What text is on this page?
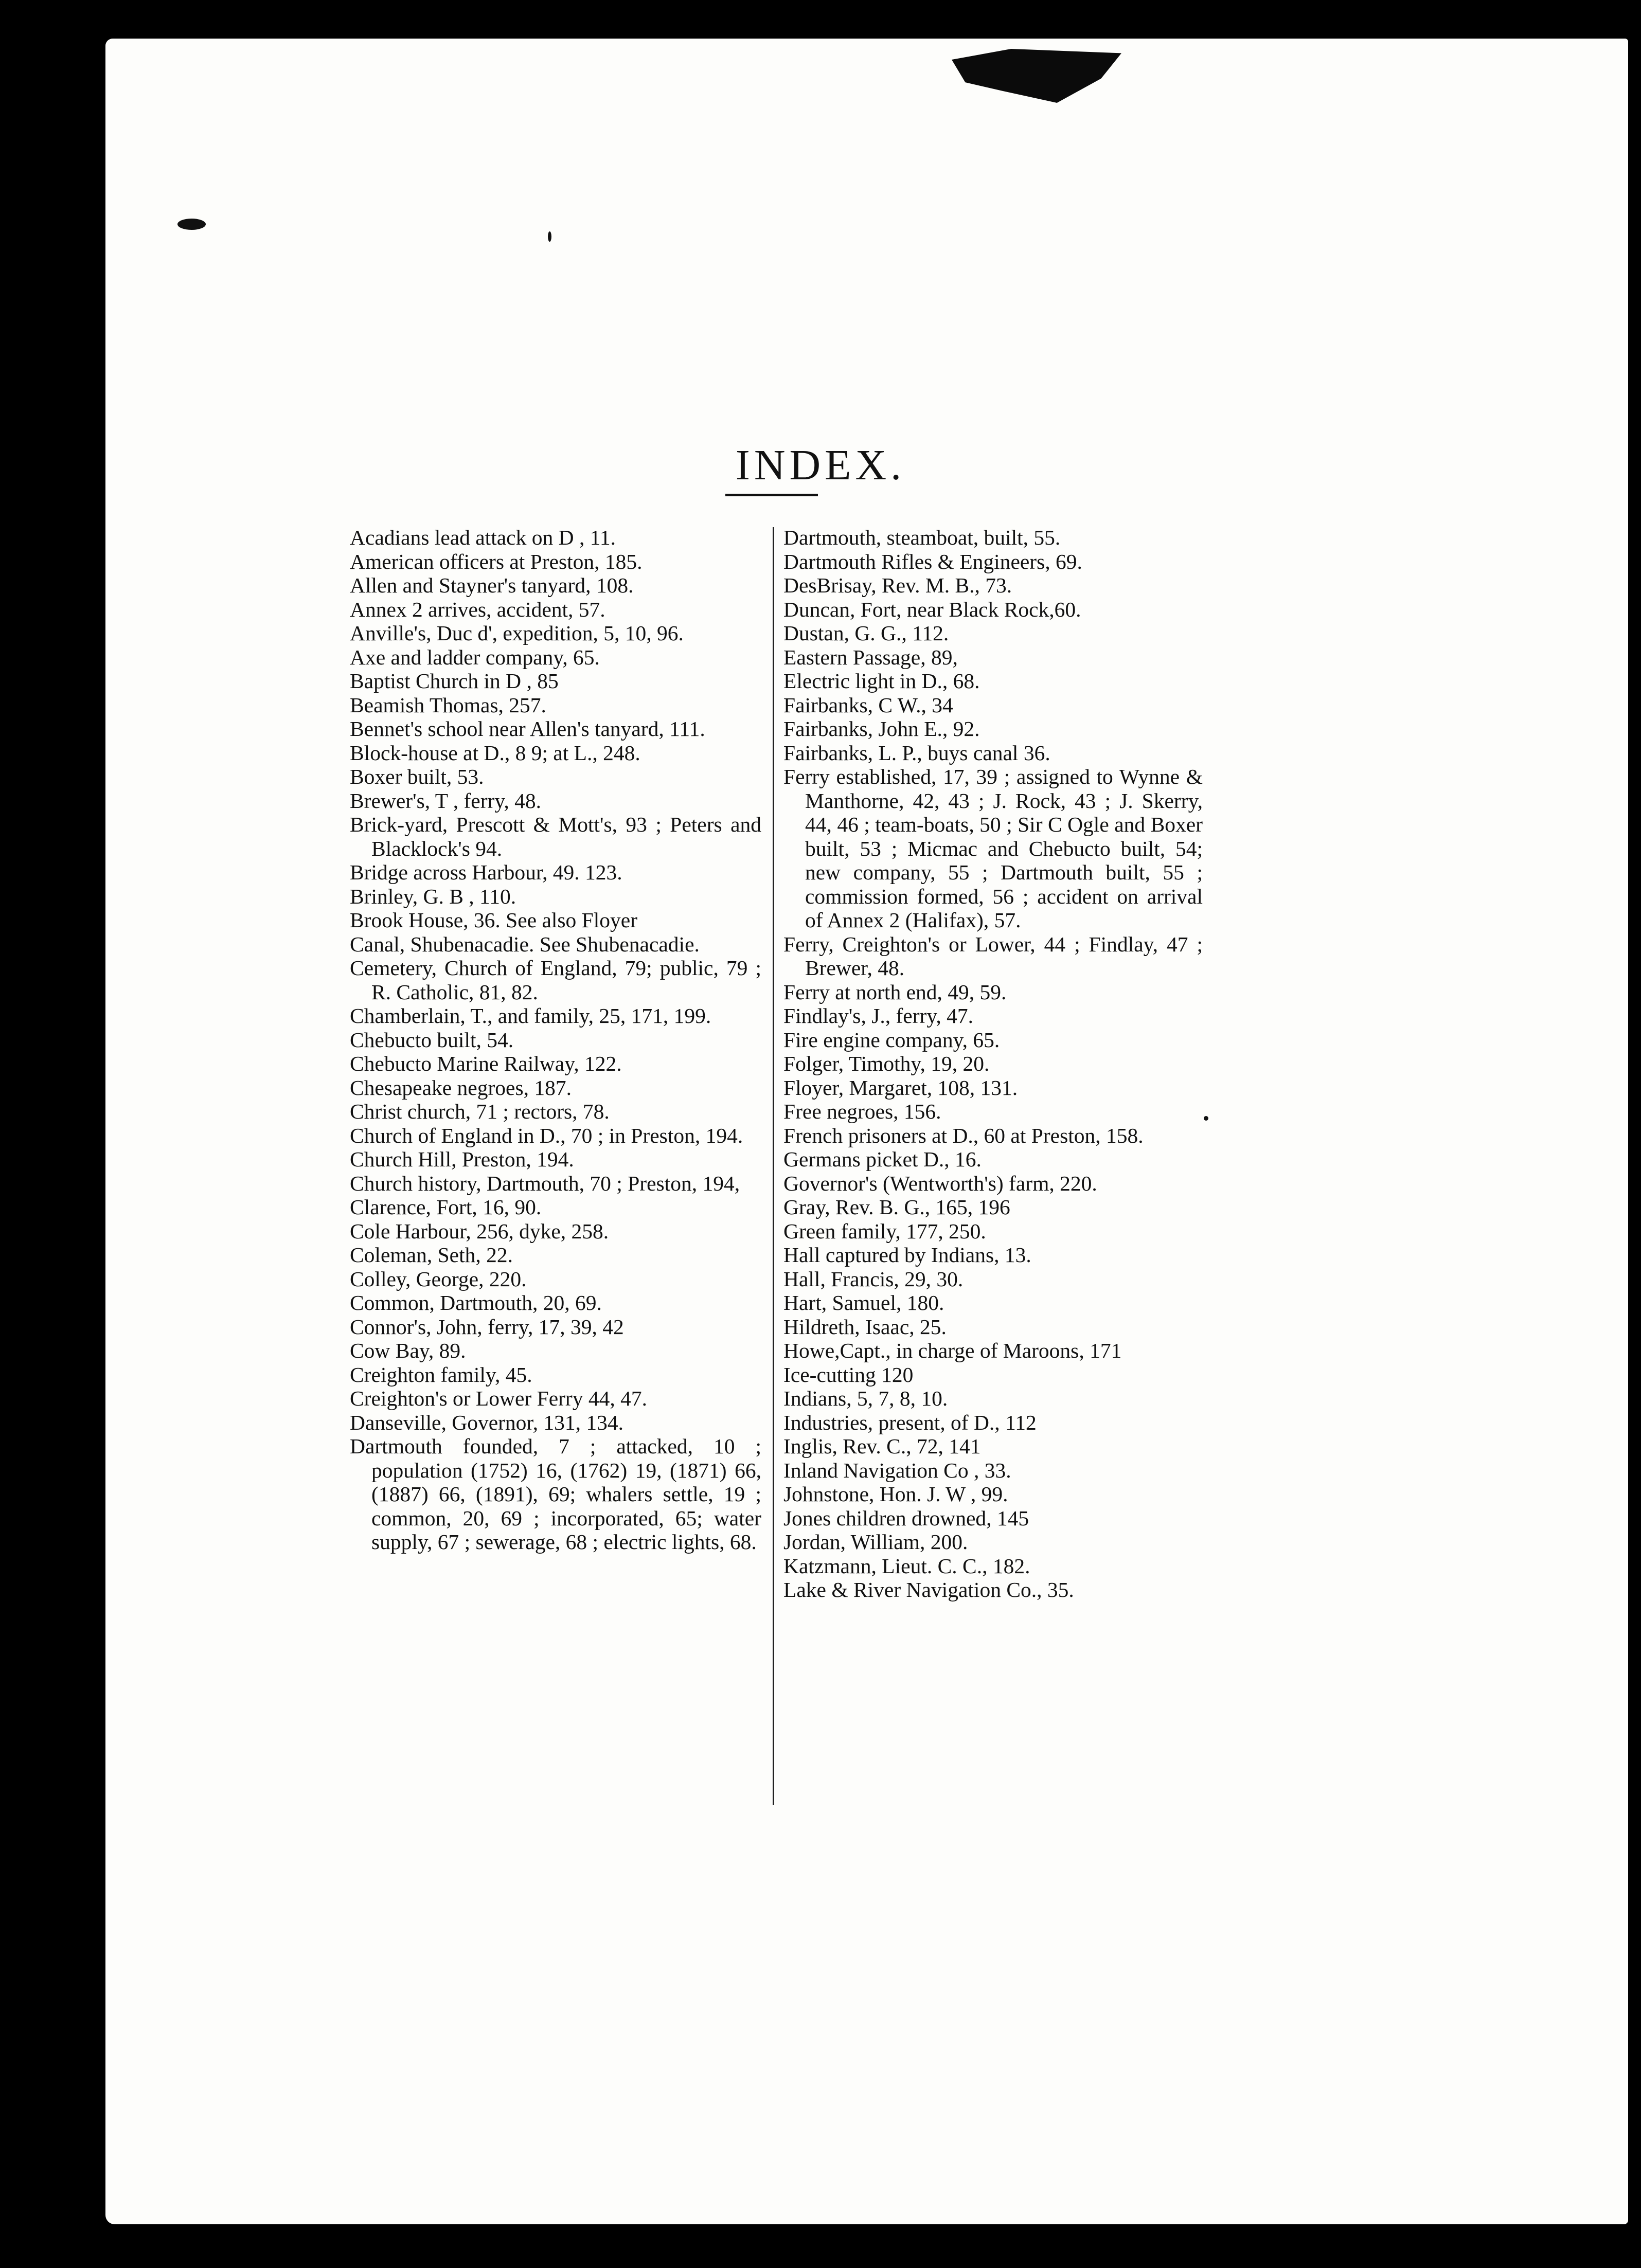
INDEX.

Acadians lead attack on D , 11.

American officers at Preston, 185.

Allen and Stayner's tanyard, 108.

Annex 2 arrives, accident, 57.

Anville's, Duc d', expedition, 5, 10, 96.

Axe and ladder company, 65.

Baptist Church in D , 85

Beamish Thomas, 257.

Bennet's school near Allen's tanyard, 111.

Block-house at D., 8 9; at L., 248.

Boxer built, 53.

Brewer's, T , ferry, 48.

Brick-yard, Prescott & Mott's, 93 ; Peters and Blacklock's 94.

Bridge across Harbour, 49. 123.

Brinley, G. B , 110.

Brook House, 36. See also Floyer

Canal, Shubenacadie. See Shubenacadie.

Cemetery, Church of England, 79; public, 79 ; R. Catholic, 81, 82.

Chamberlain, T., and family, 25, 171, 199.

Chebucto built, 54.

Chebucto Marine Railway, 122.

Chesapeake negroes, 187.

Christ church, 71 ; rectors, 78.

Church of England in D., 70 ; in Preston, 194.

Church Hill, Preston, 194.

Church history, Dartmouth, 70 ; Preston, 194,

Clarence, Fort, 16, 90.

Cole Harbour, 256, dyke, 258.

Coleman, Seth, 22.

Colley, George, 220.

Common, Dartmouth, 20, 69.

Connor's, John, ferry, 17, 39, 42

Cow Bay, 89.

Creighton family, 45.

Creighton's or Lower Ferry 44, 47.

Danseville, Governor, 131, 134.

Dartmouth founded, 7 ; attacked, 10 ; population (1752) 16, (1762) 19, (1871) 66, (1887) 66, (1891), 69; whalers settle, 19 ; common, 20, 69 ; incorporated, 65; water supply, 67 ; sewerage, 68 ; electric lights, 68.

Dartmouth, steamboat, built, 55.

Dartmouth Rifles & Engineers, 69.

DesBrisay, Rev. M. B., 73.

Duncan, Fort, near Black Rock,60.

Dustan, G. G., 112.

Eastern Passage, 89,

Electric light in D., 68.

Fairbanks, C W., 34

Fairbanks, John E., 92.

Fairbanks, L. P., buys canal 36.

Ferry established, 17, 39 ; assigned to Wynne & Manthorne, 42, 43 ; J. Rock, 43 ; J. Skerry, 44, 46 ; team-boats, 50 ; Sir C Ogle and Boxer built, 53 ; Micmac and Chebucto built, 54; new company, 55 ; Dartmouth built, 55 ; commission formed, 56 ; accident on arrival of Annex 2 (Halifax), 57.

Ferry, Creighton's or Lower, 44 ; Findlay, 47 ; Brewer, 48.

Ferry at north end, 49, 59.

Findlay's, J., ferry, 47.

Fire engine company, 65.

Folger, Timothy, 19, 20.

Floyer, Margaret, 108, 131.

Free negroes, 156.

French prisoners at D., 60 at Preston, 158.

Germans picket D., 16.

Governor's (Wentworth's) farm, 220.

Gray, Rev. B. G., 165, 196

Green family, 177, 250.

Hall captured by Indians, 13.

Hall, Francis, 29, 30.

Hart, Samuel, 180.

Hildreth, Isaac, 25.

Howe,Capt., in charge of Maroons, 171

Ice-cutting 120

Indians, 5, 7, 8, 10.

Industries, present, of D., 112

Inglis, Rev. C., 72, 141

Inland Navigation Co , 33.

Johnstone, Hon. J. W , 99.

Jones children drowned, 145

Jordan, William, 200.

Katzmann, Lieut. C. C., 182.

Lake & River Navigation Co., 35.
